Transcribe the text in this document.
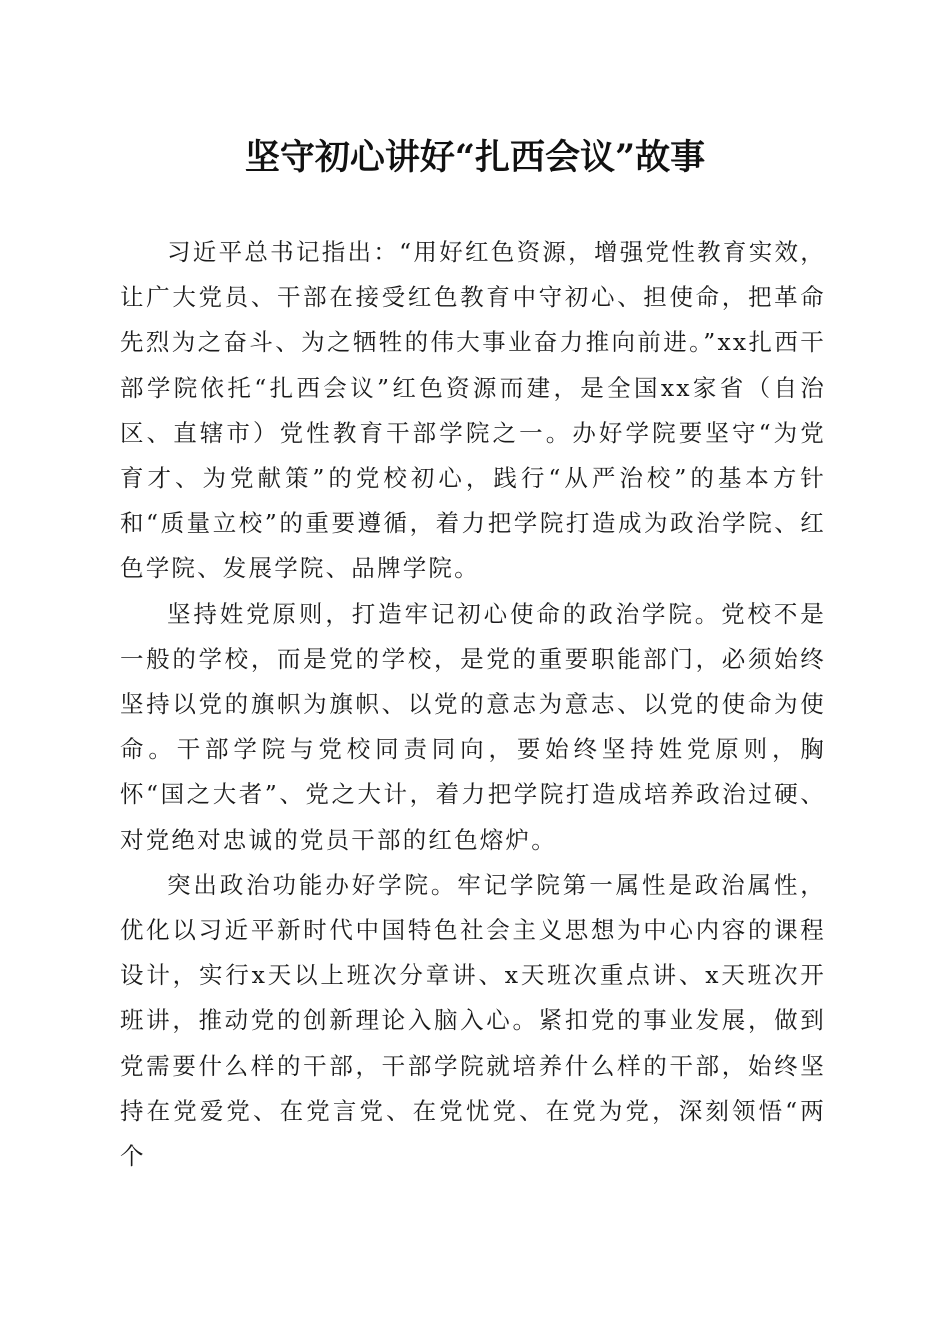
坚守初心讲好“扎西会议”故事

习近平总书记指出：“用好红色资源，增强党性教育实效，让广大党员、干部在接受红色教育中守初心、担使命，把革命先烈为之奋斗、为之牺牲的伟大事业奋力推向前进。”xx扎西干部学院依托“扎西会议”红色资源而建，是全国xx家省（自治区、直辖市）党性教育干部学院之一。办好学院要坚守“为党育才、为党献策”的党校初心，践行“从严治校”的基本方针和“质量立校”的重要遵循，着力把学院打造成为政治学院、红色学院、发展学院、品牌学院。

坚持姓党原则，打造牢记初心使命的政治学院。党校不是一般的学校，而是党的学校，是党的重要职能部门，必须始终坚持以党的旗帜为旗帜、以党的意志为意志、以党的使命为使命。干部学院与党校同责同向，要始终坚持姓党原则，胸怀“国之大者”、党之大计，着力把学院打造成培养政治过硬、对党绝对忠诚的党员干部的红色熔炉。

突出政治功能办好学院。牢记学院第一属性是政治属性，优化以习近平新时代中国特色社会主义思想为中心内容的课程设计，实行x天以上班次分章讲、x天班次重点讲、x天班次开班讲，推动党的创新理论入脑入心。紧扣党的事业发展，做到党需要什么样的干部，干部学院就培养什么样的干部，始终坚持在党爱党、在党言党、在党忧党、在党为党，深刻领悟“两个
